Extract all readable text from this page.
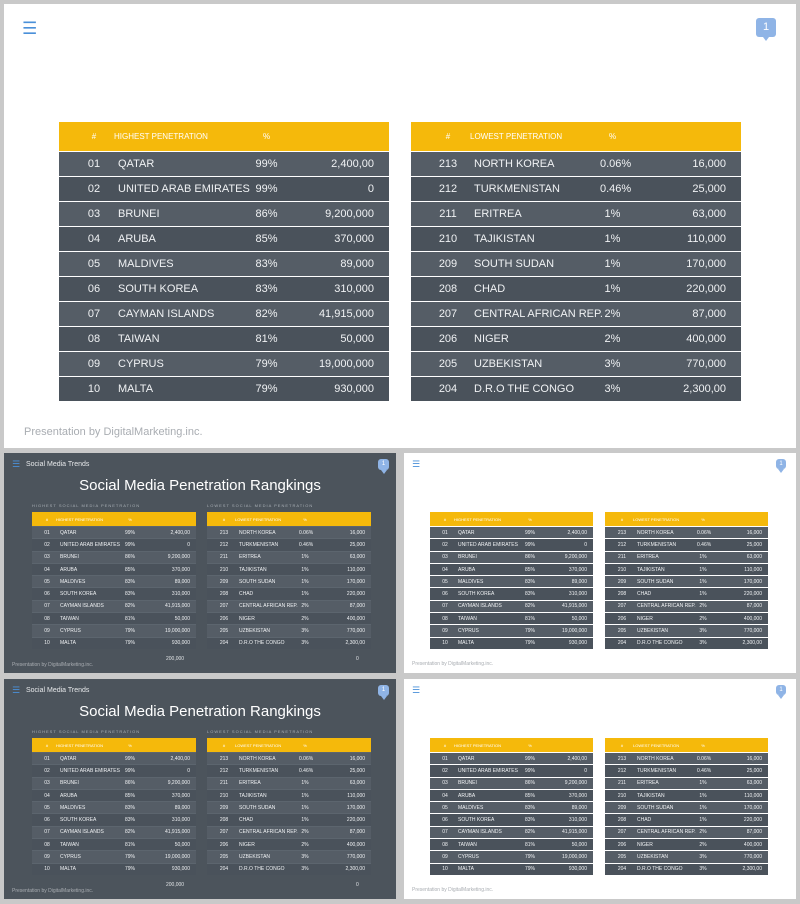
☰	1
#	HIGHEST PENETRATION	%
01	QATAR	99%	2,400,00
02	UNITED ARAB EMIRATES 99%	0
03	BRUNEI	86%	9,200,000
04	ARUBA	85%	370,000
05	MALDIVES	83%	89,000
06	SOUTH KOREA	83%	310,000
07	CAYMAN ISLANDS	82%	41,915,000
08	TAIWAN	81%	50,000
09	CYPRUS	79%	19,000,000
10	MALTA	79%	930,000
#	LOWEST PENETRATION	%
213	NORTH KOREA	0.06%	16,000
212	TURKMENISTAN	0.46%	25,000
211	ERITREA	1%	63,000
210	TAJIKISTAN	1%	110,000
209	SOUTH SUDAN	1%	170,000
208	CHAD	1%	220,000
207	CENTRAL AFRICAN REP. 2%	87,000
206	NIGER	2%	400,000
205	UZBEKISTAN	3%	770,000
204	D.R.O THE CONGO	3%	2,300,00
Presentation by DigitalMarketing.inc.
☰ Social Media Trends	1
Social Media Penetration Rangkings
HIGHEST SOCIAL MEDIA PENETRATION	LOWEST SOCIAL MEDIA PENETRATION
#	HIGHEST PENETRATION	%
01	QATAR	99%	2,400,00
02	UNITED ARAB EMIRATES	99%	0
03	BRUNEI	86%	9,200,000
04	ARUBA	85%	370,000
05	MALDIVES	83%	89,000
06	SOUTH KOREA	83%	310,000
07	CAYMAN ISLANDS	82%	41,915,000
08	TAIWAN	81%	50,000
09	CYPRUS	79%	19,000,000
10	MALTA	79%	930,000
#	LOWEST PENETRATION	%
213	NORTH KOREA	0.06%	16,000
212	TURKMENISTAN	0.46%	25,000
211	ERITREA	1%	63,000
210	TAJIKISTAN	1%	110,000
209	SOUTH SUDAN	1%	170,000
208	CHAD	1%	220,000
207	CENTRAL AFRICAN REP. 2%	87,000
206	NIGER	2%	400,000
205	UZBEKISTAN	3%	770,000
204	D.R.O THE CONGO	3%	2,300,00
200,000	0
Presentation by DigitalMarketing.inc.
☰	1
#	HIGHEST PENETRATION	%
01	QATAR	99%	2,400,00
02	UNITED ARAB EMIRATES	99%	0
03	BRUNEI	86%	9,200,000
04	ARUBA	85%	370,000
05	MALDIVES	83%	89,000
06	SOUTH KOREA	83%	310,000
07	CAYMAN ISLANDS	82%	41,915,000
08	TAIWAN	81%	50,000
09	CYPRUS	79%	19,000,000
10	MALTA	79%	930,000
#	LOWEST PENETRATION	%
213	NORTH KOREA	0.06%	16,000
212	TURKMENISTAN	0.46%	25,000
211	ERITREA	1%	63,000
210	TAJIKISTAN	1%	110,000
209	SOUTH SUDAN	1%	170,000
208	CHAD	1%	220,000
207	CENTRAL AFRICAN REP. 2%	87,000
206	NIGER	2%	400,000
205	UZBEKISTAN	3%	770,000
204	D.R.O THE CONGO	3%	2,300,00
Presentation by DigitalMarketing.inc.
☰ Social Media Trends	1
Social Media Penetration Rangkings
HIGHEST SOCIAL MEDIA PENETRATION	LOWEST SOCIAL MEDIA PENETRATION
#	HIGHEST PENETRATION	%
01	QATAR	99%	2,400,00
02	UNITED ARAB EMIRATES	99%	0
03	BRUNEI	86%	9,200,000
04	ARUBA	85%	370,000
05	MALDIVES	83%	89,000
06	SOUTH KOREA	83%	310,000
07	CAYMAN ISLANDS	82%	41,915,000
08	TAIWAN	81%	50,000
09	CYPRUS	79%	19,000,000
10	MALTA	79%	930,000
#	LOWEST PENETRATION	%
213	NORTH KOREA	0.06%	16,000
212	TURKMENISTAN	0.46%	25,000
211	ERITREA	1%	63,000
210	TAJIKISTAN	1%	110,000
209	SOUTH SUDAN	1%	170,000
208	CHAD	1%	220,000
207	CENTRAL AFRICAN REP. 2%	87,000
206	NIGER	2%	400,000
205	UZBEKISTAN	3%	770,000
204	D.R.O THE CONGO	3%	2,300,00
200,000	0
Presentation by DigitalMarketing.inc.
☰	1
#	HIGHEST PENETRATION	%
01	QATAR	99%	2,400,00
02	UNITED ARAB EMIRATES	99%	0
03	BRUNEI	86%	9,200,000
04	ARUBA	85%	370,000
05	MALDIVES	83%	89,000
06	SOUTH KOREA	83%	310,000
07	CAYMAN ISLANDS	82%	41,915,000
08	TAIWAN	81%	50,000
09	CYPRUS	79%	19,000,000
10	MALTA	79%	930,000
#	LOWEST PENETRATION	%
213	NORTH KOREA	0.06%	16,000
212	TURKMENISTAN	0.46%	25,000
211	ERITREA	1%	63,000
210	TAJIKISTAN	1%	110,000
209	SOUTH SUDAN	1%	170,000
208	CHAD	1%	220,000
207	CENTRAL AFRICAN REP. 2%	87,000
206	NIGER	2%	400,000
205	UZBEKISTAN	3%	770,000
204	D.R.O THE CONGO	3%	2,300,00
Presentation by DigitalMarketing.inc.
